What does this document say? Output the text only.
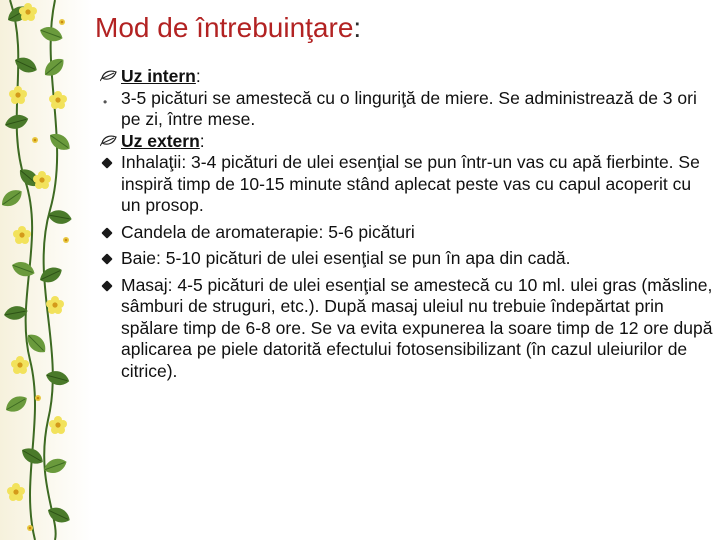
Mod de întrebuinţare:
Uz intern:
• 3-5 picături se amestecă cu o linguriţă de miere. Se administrează de 3 ori pe zi, între mese.
Uz extern:
Inhalaţii: 3-4 picături de ulei esenţial se pun într-un vas cu apă fierbinte. Se inspiră timp de 10-15 minute stând aplecat peste vas cu capul acoperit cu un prosop.
Candela de aromaterapie: 5-6 picături
Baie: 5-10 picături de ulei esenţial se pun în apa din cadă.
Masaj: 4-5 picături de ulei esenţial se amestecă cu 10 ml. ulei gras (măsline, sâmburi de struguri, etc.). După masaj uleiul nu trebuie îndepărtat prin spălare timp de 6-8 ore. Se va evita expunerea la soare timp de 12 ore după aplicarea pe piele datorită efectului fotosensibilizant (în cazul uleiurilor de citrice).
